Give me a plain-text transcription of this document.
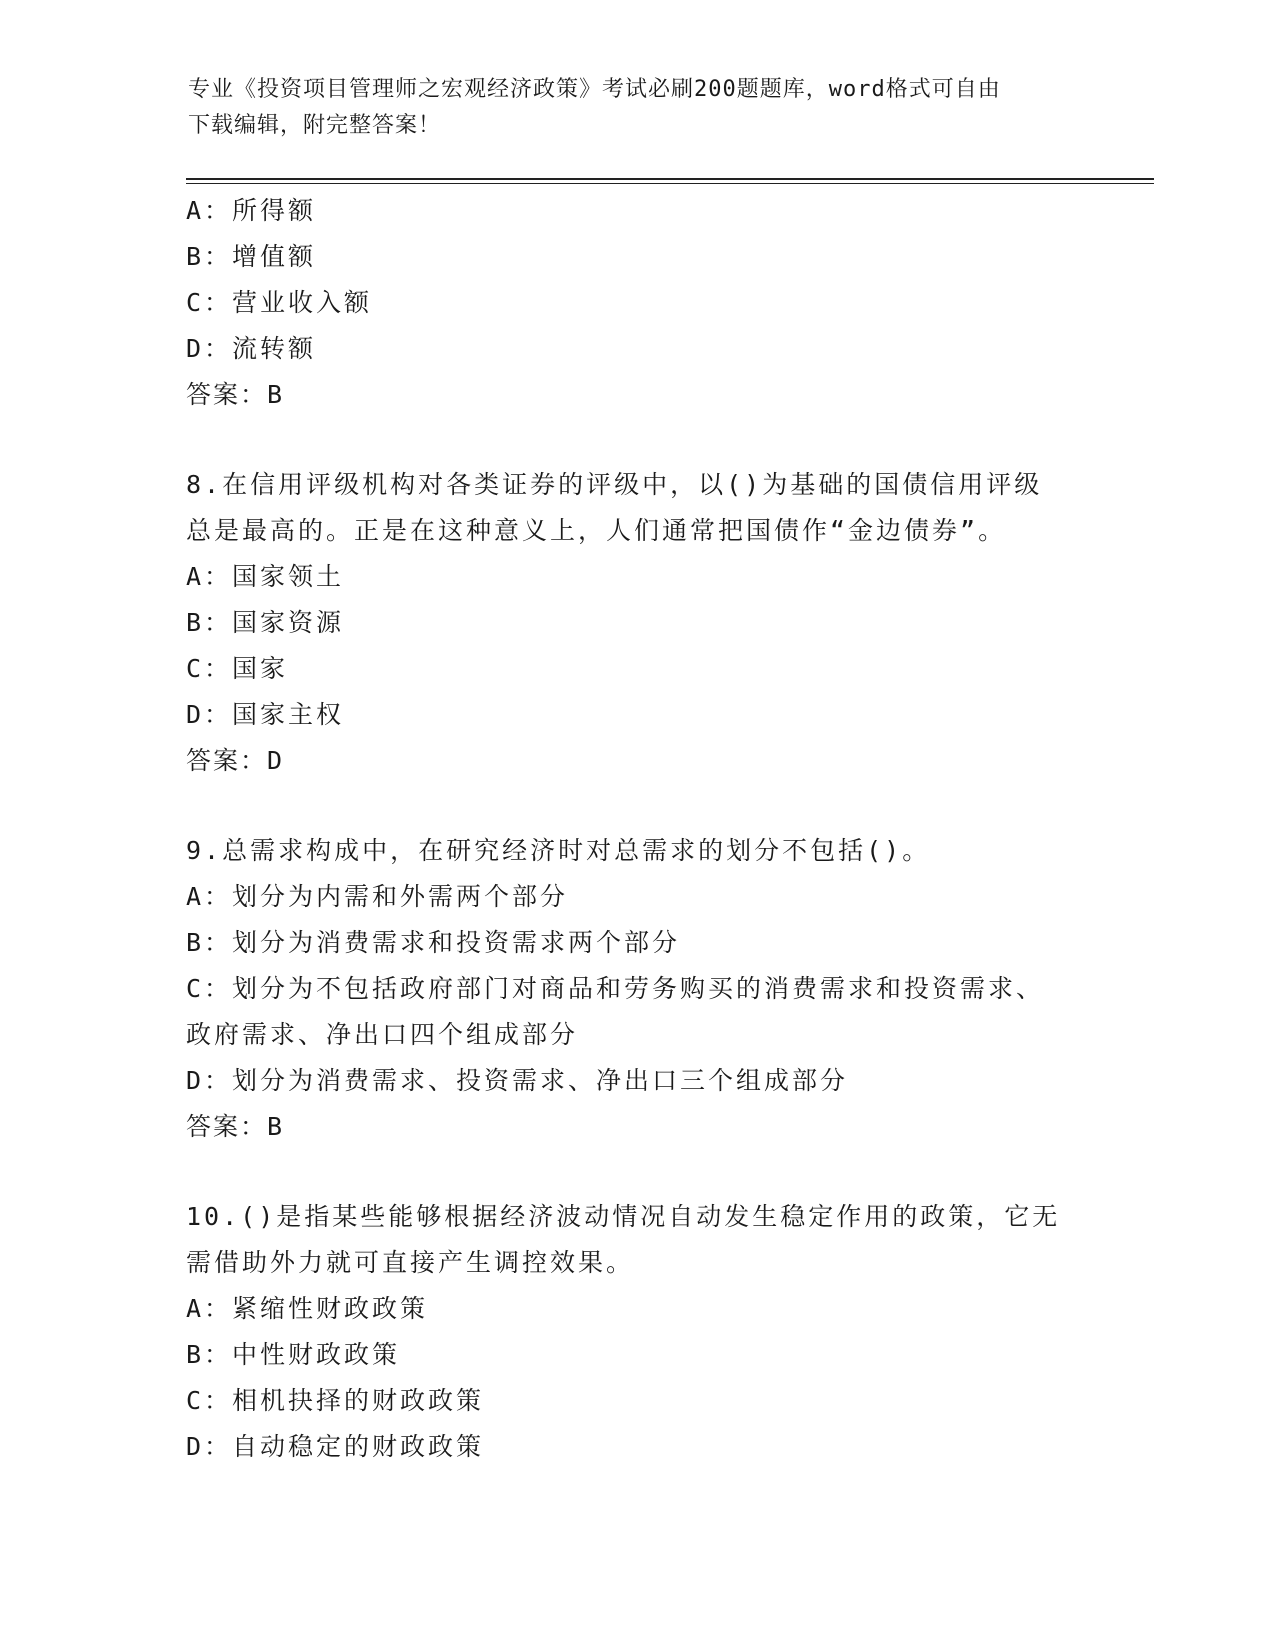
专业《投资项目管理师之宏观经济政策》考试必刷200题题库，word格式可自由
下载编辑，附完整答案！
A：所得额
B：增值额
C：营业收入额
D：流转额
答案：B
8.在信用评级机构对各类证券的评级中，以()为基础的国债信用评级
总是最高的。正是在这种意义上，人们通常把国债作“金边债券”。
A：国家领土
B：国家资源
C：国家
D：国家主权
答案：D
9.总需求构成中，在研究经济时对总需求的划分不包括()。
A：划分为内需和外需两个部分
B：划分为消费需求和投资需求两个部分
C：划分为不包括政府部门对商品和劳务购买的消费需求和投资需求、
政府需求、净出口四个组成部分
D：划分为消费需求、投资需求、净出口三个组成部分
答案：B
10.()是指某些能够根据经济波动情况自动发生稳定作用的政策，它无
需借助外力就可直接产生调控效果。
A：紧缩性财政政策
B：中性财政政策
C：相机抉择的财政政策
D：自动稳定的财政政策
